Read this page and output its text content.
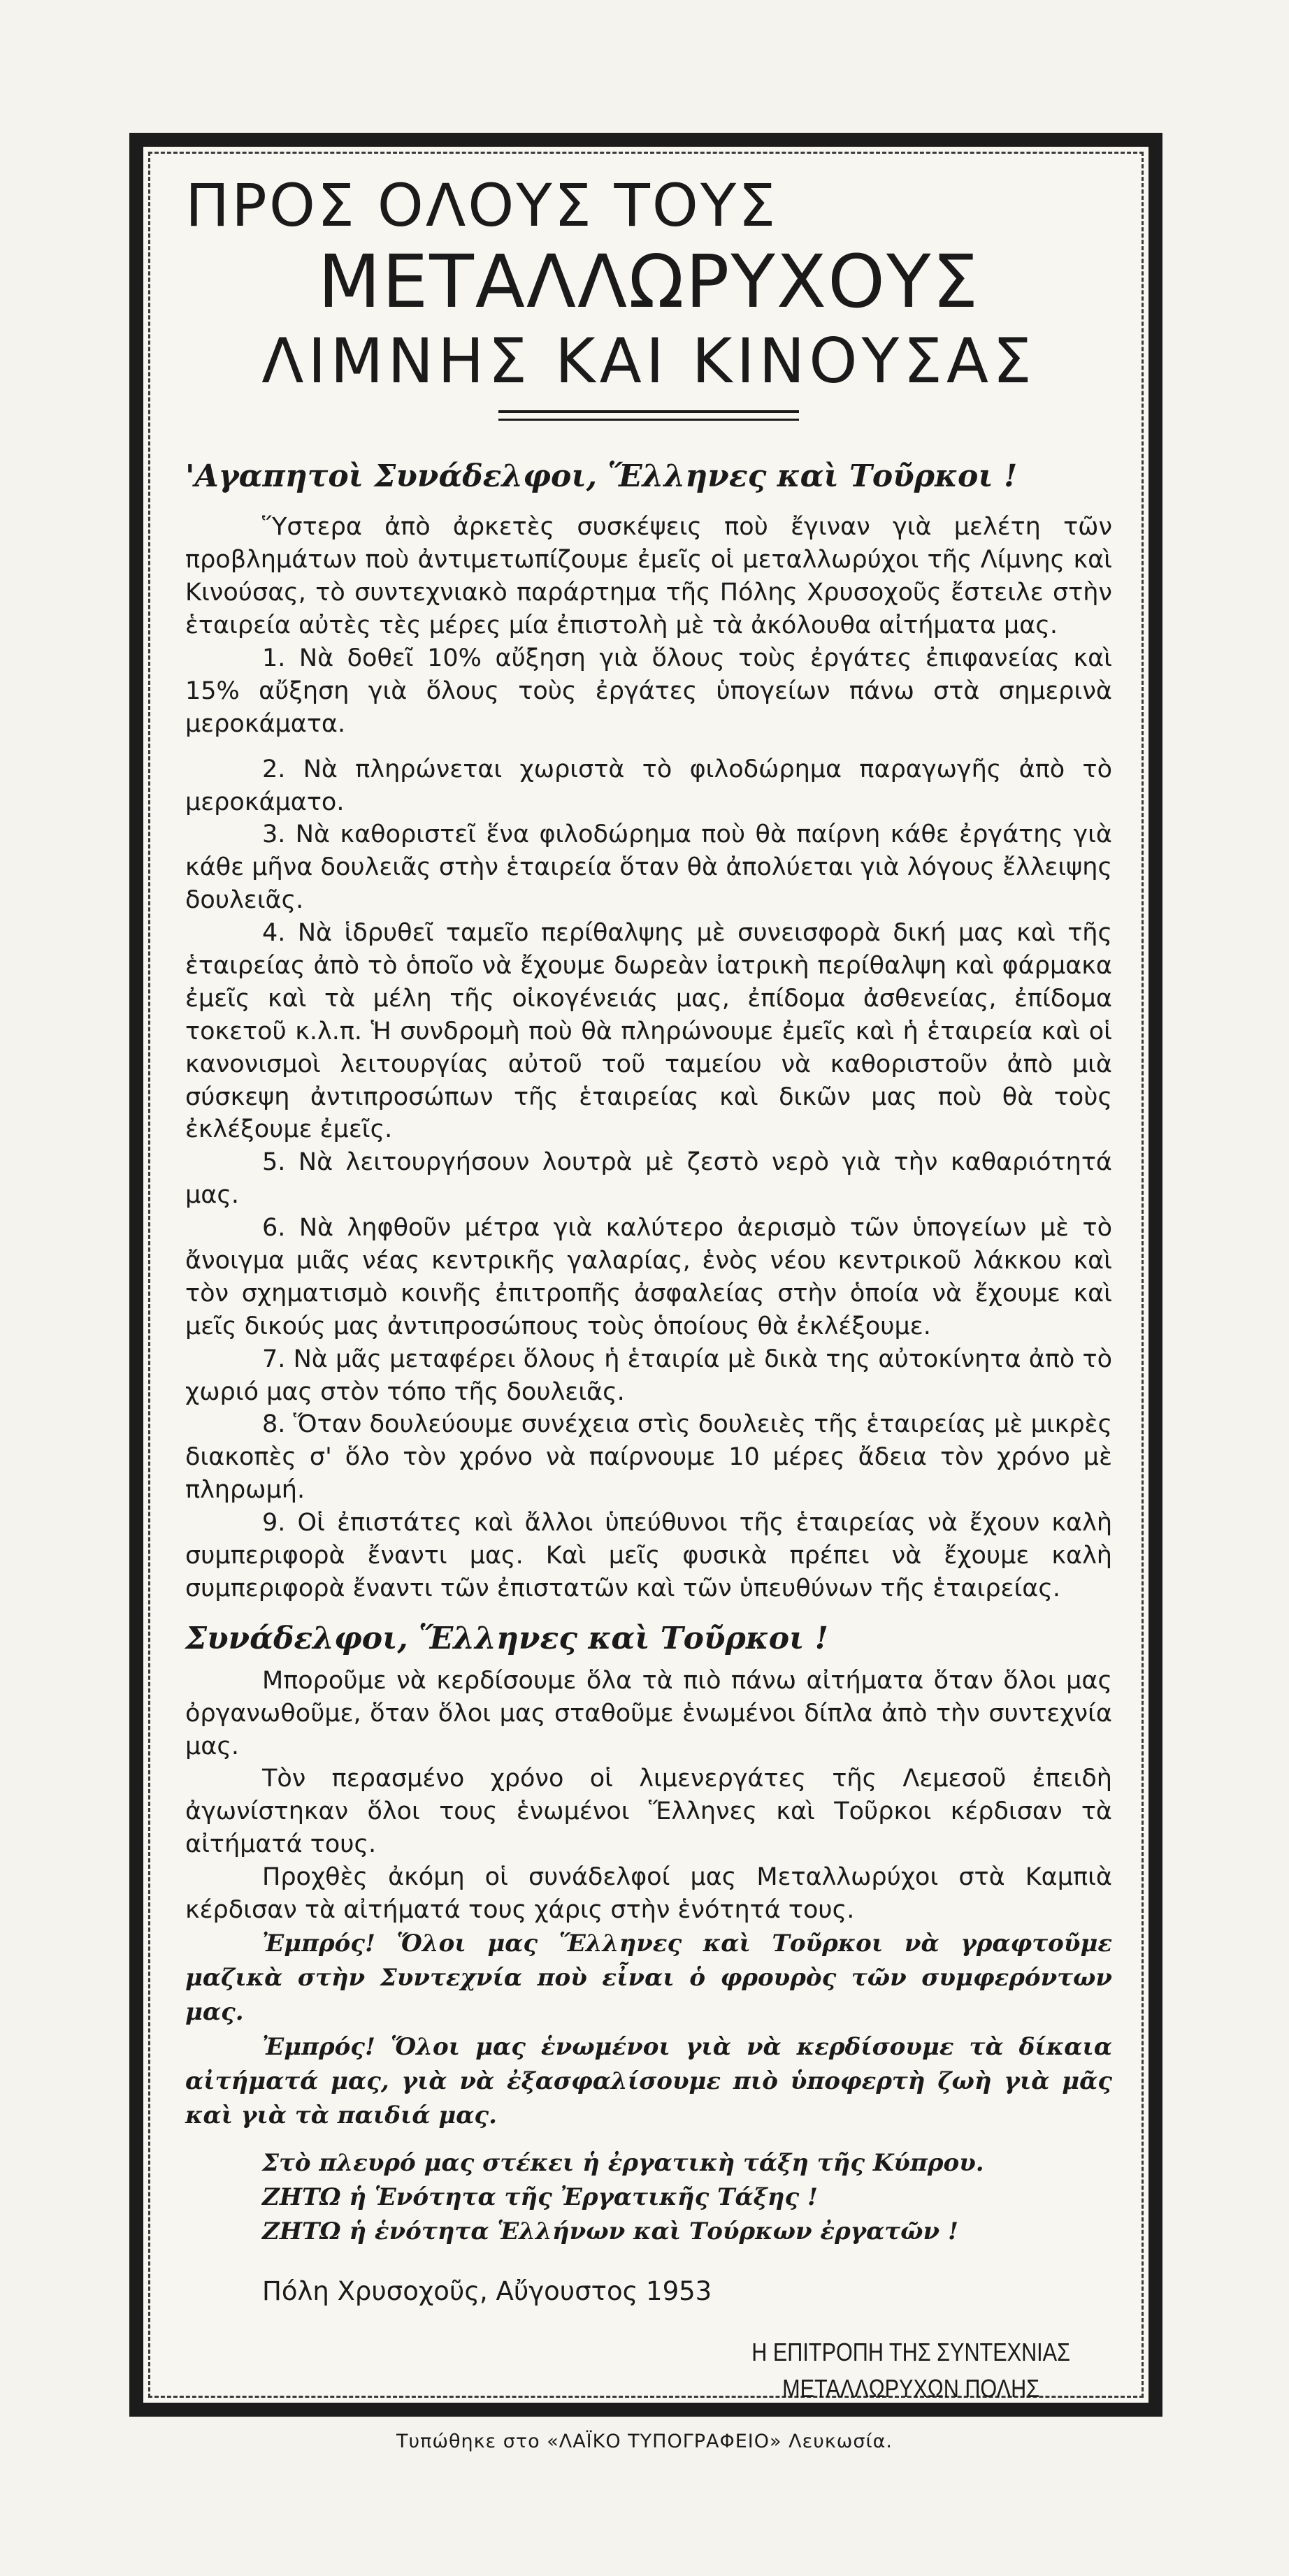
ΠΡΟΣ ΟΛΟΥΣ ΤΟΥΣ
ΜΕΤΑΛΛΩΡΥΧΟΥΣ
ΛΙΜΝΗΣ ΚΑΙ ΚΙΝΟΥΣΑΣ
'Αγαπητοὶ Συνάδελφοι, Ἕλληνες καὶ Τοῦρκοι !

Ὕστερα ἀπὸ ἀρκετὲς συσκέψεις ποὺ ἔγιναν γιὰ μελέτη τῶν προβλημάτων ποὺ ἀντιμετωπίζουμε ἐμεῖς οἱ μεταλλωρύχοι τῆς Λίμνης καὶ Κινούσας, τὸ συντεχνιακὸ παράρτημα τῆς Πόλης Χρυσοχοῦς ἔστειλε στὴν ἑταιρεία αὐτὲς τὲς μέρες μία ἐπιστολὴ μὲ τὰ ἀκόλουθα αἰτήματα μας.

1. Νὰ δοθεῖ 10% αὔξηση γιὰ ὅλους τοὺς ἐργάτες ἐπιφανείας καὶ 15% αὔξηση γιὰ ὅλους τοὺς ἐργάτες ὑπογείων πάνω στὰ σημερινὰ μεροκάματα.

2. Νὰ πληρώνεται χωριστὰ τὸ φιλοδώρημα παραγωγῆς ἀπὸ τὸ μεροκάματο.

3. Νὰ καθοριστεῖ ἕνα φιλοδώρημα ποὺ θὰ παίρνη κάθε ἐργάτης γιὰ κάθε μῆνα δουλειᾶς στὴν ἑταιρεία ὅταν θὰ ἀπολύεται γιὰ λόγους ἔλλειψης δουλειᾶς.

4. Νὰ ἱδρυθεῖ ταμεῖο περίθαλψης μὲ συνεισφορὰ δική μας καὶ τῆς ἑταιρείας ἀπὸ τὸ ὁποῖο νὰ ἔχουμε δωρεὰν ἰατρικὴ περίθαλψη καὶ φάρμακα ἐμεῖς καὶ τὰ μέλη τῆς οἰκογένειάς μας, ἐπίδομα ἀσθενείας, ἐπίδομα τοκετοῦ κ.λ.π. Ἡ συνδρομὴ ποὺ θὰ πληρώνουμε ἐμεῖς καὶ ἡ ἑταιρεία καὶ οἱ κανονισμοὶ λειτουργίας αὐτοῦ τοῦ ταμείου νὰ καθοριστοῦν ἀπὸ μιὰ σύσκεψη ἀντιπροσώπων τῆς ἑταιρείας καὶ δικῶν μας ποὺ θὰ τοὺς ἐκλέξουμε ἐμεῖς.

5. Νὰ λειτουργήσουν λουτρὰ μὲ ζεστὸ νερὸ γιὰ τὴν καθαριότητά μας.

6. Νὰ ληφθοῦν μέτρα γιὰ καλύτερο ἀερισμὸ τῶν ὑπογείων μὲ τὸ ἄνοιγμα μιᾶς νέας κεντρικῆς γαλαρίας, ἑνὸς νέου κεντρικοῦ λάκκου καὶ τὸν σχηματισμὸ κοινῆς ἐπιτροπῆς ἀσφαλείας στὴν ὁποία νὰ ἔχουμε καὶ μεῖς δικούς μας ἀντιπροσώπους τοὺς ὁποίους θὰ ἐκλέξουμε.

7. Νὰ μᾶς μεταφέρει ὅλους ἡ ἑταιρία μὲ δικὰ της αὐτοκίνητα ἀπὸ τὸ χωριό μας στὸν τόπο τῆς δουλειᾶς.

8. Ὅταν δουλεύουμε συνέχεια στὶς δουλειὲς τῆς ἑταιρείας μὲ μικρὲς διακοπὲς σ' ὅλο τὸν χρόνο νὰ παίρνουμε 10 μέρες ἄδεια τὸν χρόνο μὲ πληρωμή.

9. Οἱ ἐπιστάτες καὶ ἄλλοι ὑπεύθυνοι τῆς ἑταιρείας νὰ ἔχουν καλὴ συμπεριφορὰ ἔναντι μας. Καὶ μεῖς φυσικὰ πρέπει νὰ ἔχουμε καλὴ συμπεριφορὰ ἔναντι τῶν ἐπιστατῶν καὶ τῶν ὑπευθύνων τῆς ἑταιρείας.

Συνάδελφοι, Ἕλληνες καὶ Τοῦρκοι !

Μποροῦμε νὰ κερδίσουμε ὅλα τὰ πιὸ πάνω αἰτήματα ὅταν ὅλοι μας ὀργανωθοῦμε, ὅταν ὅλοι μας σταθοῦμε ἑνωμένοι δίπλα ἀπὸ τὴν συντεχνία μας.

Τὸν περασμένο χρόνο οἱ λιμενεργάτες τῆς Λεμεσοῦ ἐπειδὴ ἀγωνίστηκαν ὅλοι τους ἑνωμένοι Ἕλληνες καὶ Τοῦρκοι κέρδισαν τὰ αἰτήματά τους.

Προχθὲς ἀκόμη οἱ συνάδελφοί μας Μεταλλωρύχοι στὰ Καμπιὰ κέρδισαν τὰ αἰτήματά τους χάρις στὴν ἑνότητά τους.

Ἐμπρός! Ὅλοι μας Ἕλληνες καὶ Τοῦρκοι νὰ γραφτοῦμε μαζικὰ στὴν Συντεχνία ποὺ εἶναι ὁ φρουρὸς τῶν συμφερόντων μας.

Ἐμπρός! Ὅλοι μας ἑνωμένοι γιὰ νὰ κερδίσουμε τὰ δίκαια αἰτήματά μας, γιὰ νὰ ἐξασφαλίσουμε πιὸ ὑποφερτὴ ζωὴ γιὰ μᾶς καὶ γιὰ τὰ παιδιά μας.

Στὸ πλευρό μας στέκει ἡ ἐργατικὴ τάξη τῆς Κύπρου.

ΖΗΤΩ ἡ Ἑνότητα τῆς Ἐργατικῆς Τάξης !

ΖΗΤΩ ἡ ἑνότητα Ἑλλήνων καὶ Τούρκων ἐργατῶν !

Πόλη Χρυσοχοῦς, Αὔγουστος 1953
Η ΕΠΙΤΡΟΠΗ ΤΗΣ ΣΥΝΤΕΧΝΙΑΣ
ΜΕΤΑΛΛΩΡΥΧΩΝ ΠΟΛΗΣ
Τυπώθηκε στο «ΛΑΪΚΟ ΤΥΠΟΓΡΑΦΕΙΟ» Λευκωσία.
